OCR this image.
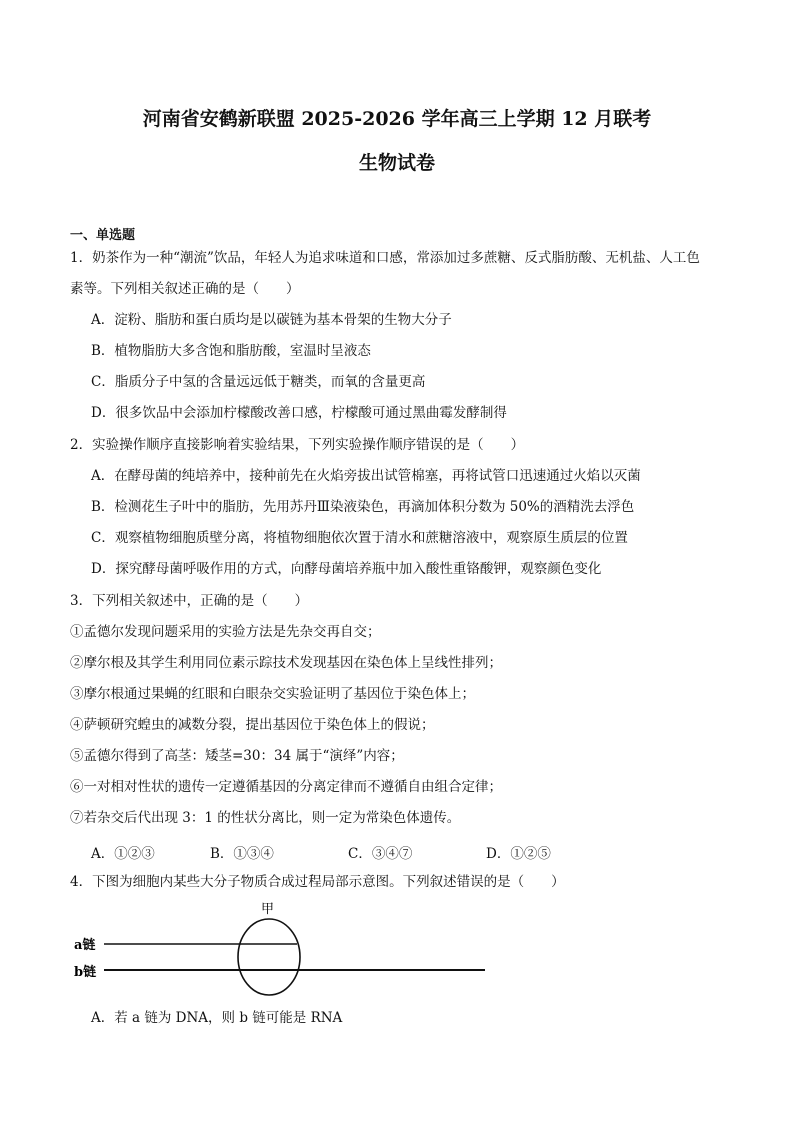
河南省安鹤新联盟 2025-2026 学年高三上学期 12 月联考
生物试卷
一、单选题
1．奶茶作为一种“潮流”饮品，年轻人为追求味道和口感，常添加过多蔗糖、反式脂肪酸、无机盐、人工色
素等。下列相关叙述正确的是（　　）
A．淀粉、脂肪和蛋白质均是以碳链为基本骨架的生物大分子
B．植物脂肪大多含饱和脂肪酸，室温时呈液态
C．脂质分子中氢的含量远远低于糖类，而氧的含量更高
D．很多饮品中会添加柠檬酸改善口感，柠檬酸可通过黑曲霉发酵制得
2．实验操作顺序直接影响着实验结果，下列实验操作顺序错误的是（　　）
A．在酵母菌的纯培养中，接种前先在火焰旁拔出试管棉塞，再将试管口迅速通过火焰以灭菌
B．检测花生子叶中的脂肪，先用苏丹Ⅲ染液染色，再滴加体积分数为 50%的酒精洗去浮色
C．观察植物细胞质壁分离，将植物细胞依次置于清水和蔗糖溶液中，观察原生质层的位置
D．探究酵母菌呼吸作用的方式，向酵母菌培养瓶中加入酸性重铬酸钾，观察颜色变化
3．下列相关叙述中，正确的是（　　）
①孟德尔发现问题采用的实验方法是先杂交再自交；
②摩尔根及其学生利用同位素示踪技术发现基因在染色体上呈线性排列；
③摩尔根通过果蝇的红眼和白眼杂交实验证明了基因位于染色体上；
④萨顿研究蝗虫的减数分裂，提出基因位于染色体上的假说；
⑤孟德尔得到了高茎：矮茎=30：34 属于“演绎”内容；
⑥一对相对性状的遗传一定遵循基因的分离定律而不遵循自由组合定律；
⑦若杂交后代出现 3：1 的性状分离比，则一定为常染色体遗传。
A．①②③	B．①③④	C．③④⑦	D．①②⑤
4．下图为细胞内某些大分子物质合成过程局部示意图。下列叙述错误的是（　　）
甲
a链
b链
A．若 a 链为 DNA，则 b 链可能是 RNA
